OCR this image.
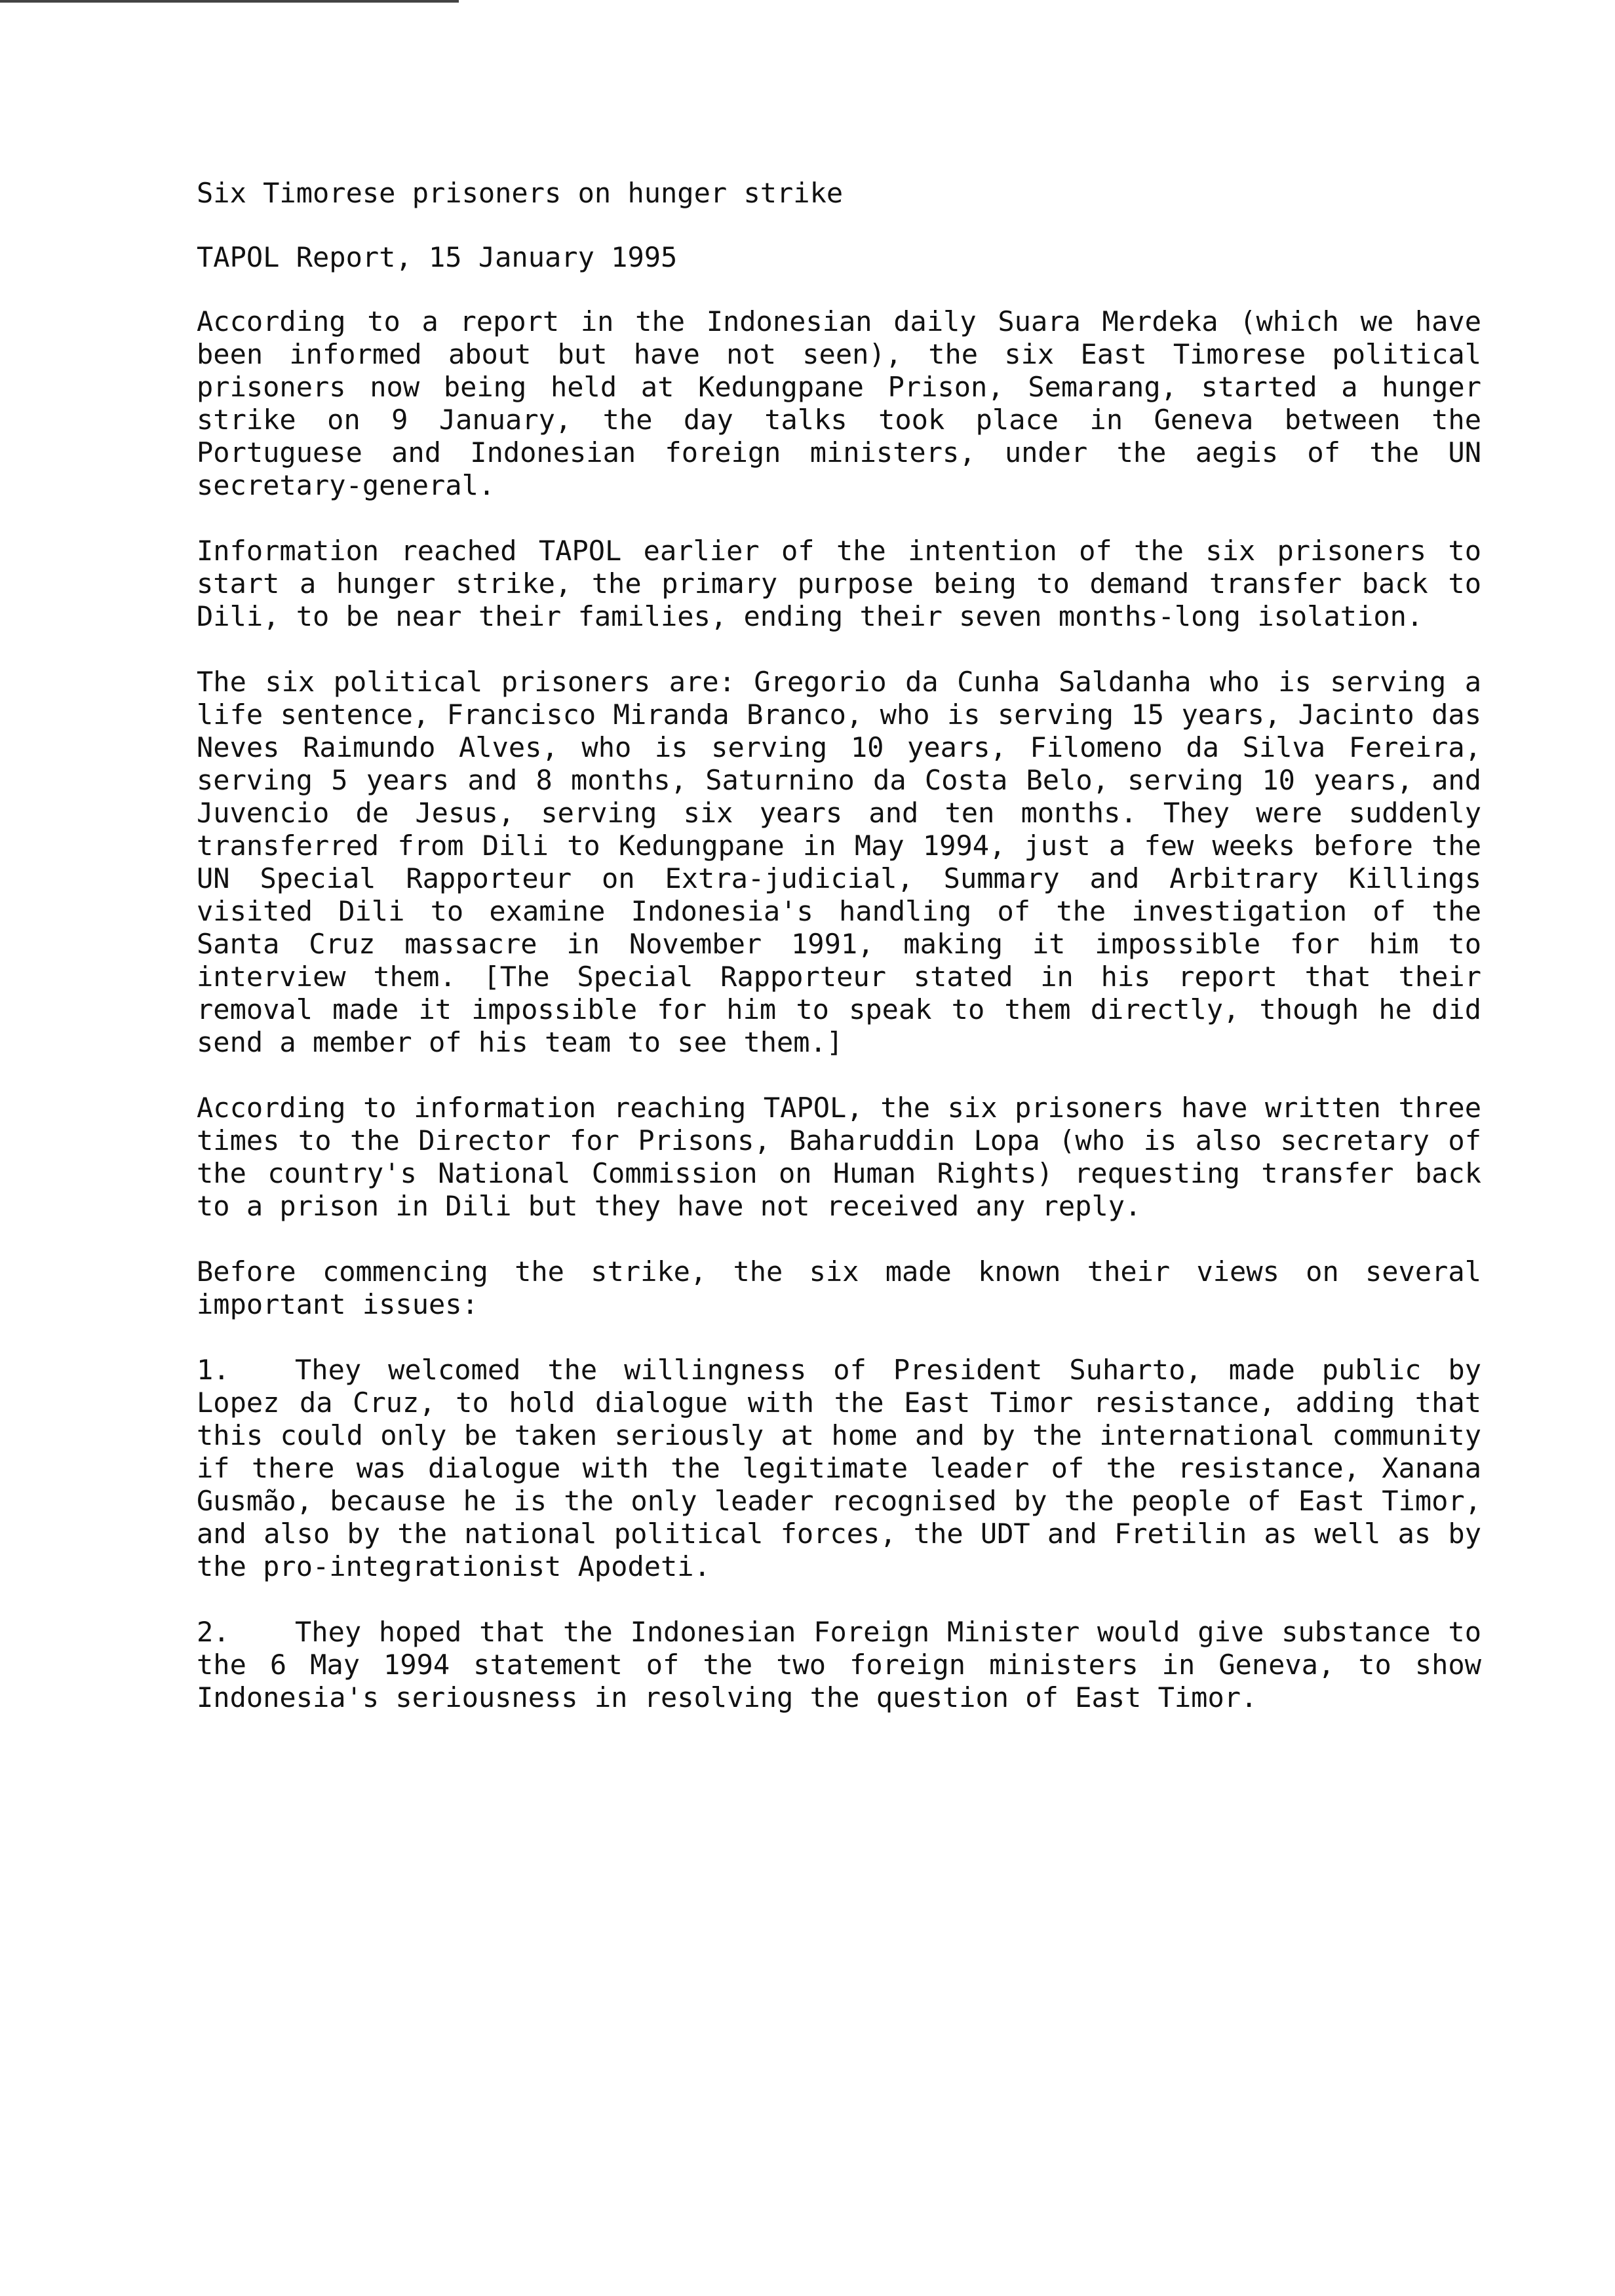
Six Timorese prisoners on hunger strike
TAPOL Report, 15 January 1995

According to a report in the Indonesian daily Suara Merdeka (which we have been informed about but have not seen), the six East Timorese political prisoners now being held at Kedungpane Prison, Semarang, started a hunger strike on 9 January, the day talks took place in Geneva between the Portuguese and Indonesian foreign ministers, under the aegis of the UN secretary-general.

Information reached TAPOL earlier of the intention of the six prisoners to start a hunger strike, the primary purpose being to demand transfer back to Dili, to be near their families, ending their seven months-long isolation.

The six political prisoners are: Gregorio da Cunha Saldanha who is serving a life sentence, Francisco Miranda Branco, who is serving 15 years, Jacinto das Neves Raimundo Alves, who is serving 10 years, Filomeno da Silva Fereira, serving 5 years and 8 months, Saturnino da Costa Belo, serving 10 years, and Juvencio de Jesus, serving six years and ten months. They were suddenly transferred from Dili to Kedungpane in May 1994, just a few weeks before the UN Special Rapporteur on Extra-judicial, Summary and Arbitrary Killings visited Dili to examine Indonesia's handling of the investigation of the Santa Cruz massacre in November 1991, making it impossible for him to interview them. [The Special Rapporteur stated in his report that their removal made it impossible for him to speak to them directly, though he did send a member of his team to see them.]

According to information reaching TAPOL, the six prisoners have written three times to the Director for Prisons, Baharuddin Lopa (who is also secretary of the country's National Commission on Human Rights) requesting transfer back to a prison in Dili but they have not received any reply.

Before commencing the strike, the six made known their views on several important issues:

1. They welcomed the willingness of President Suharto, made public by Lopez da Cruz, to hold dialogue with the East Timor resistance, adding that this could only be taken seriously at home and by the international community if there was dialogue with the legitimate leader of the resistance, Xanana Gusmão, because he is the only leader recognised by the people of East Timor, and also by the national political forces, the UDT and Fretilin as well as by the pro-integrationist Apodeti.
2. They hoped that the Indonesian Foreign Minister would give substance to the 6 May 1994 statement of the two foreign ministers in Geneva, to show Indonesia's seriousness in resolving the question of East Timor.
